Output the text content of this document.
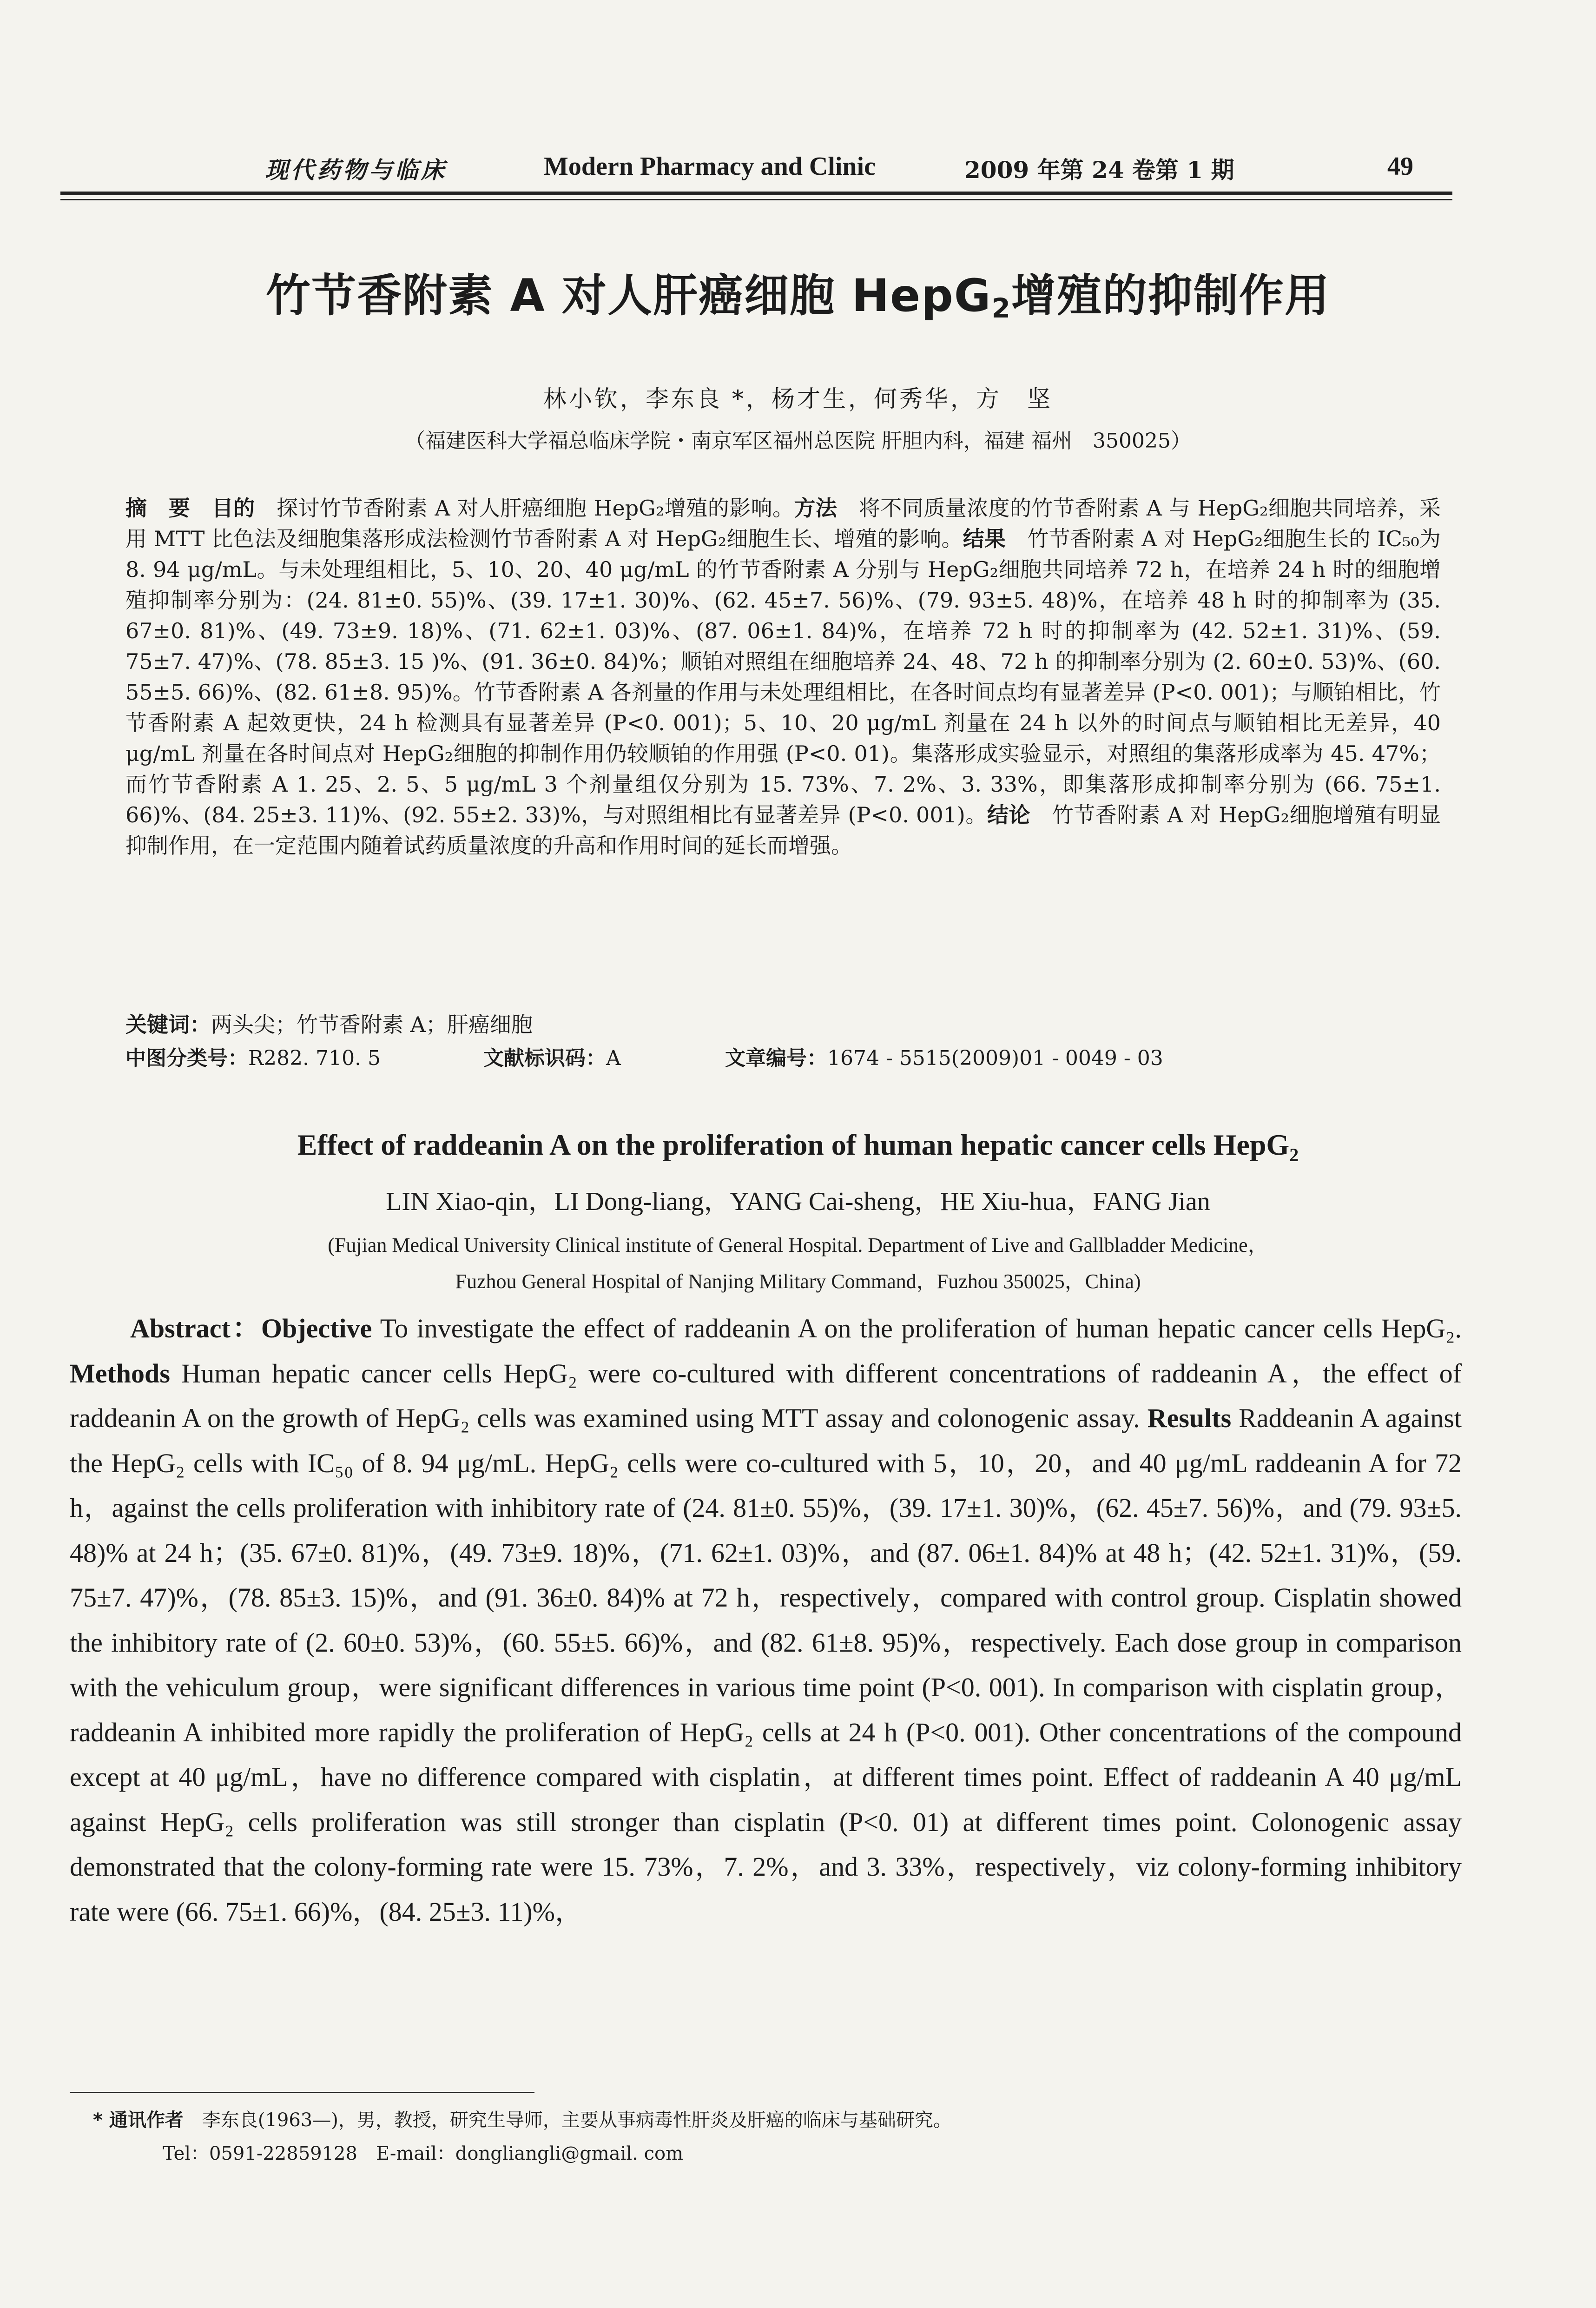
现代药物与临床	Modern Pharmacy and Clinic	2009 年第 24 卷第 1 期	49
竹节香附素 A 对人肝癌细胞 HepG$_2$增殖的抑制作用
林小钦，李东良 *，杨才生，何秀华，方　坚
（福建医科大学福总临床学院・南京军区福州总医院 肝胆内科，福建 福州　350025）
摘　要　 目的　 探讨竹节香附素 A 对人肝癌细胞 HepG₂增殖的影响。方法　 将不同质量浓度的竹节香附素 A 与 HepG₂细胞共同培养，采用 MTT 比色法及细胞集落形成法检测竹节香附素 A 对 HepG₂细胞生长、增殖的影响。结果　 竹节香附素 A 对 HepG₂细胞生长的 IC₅₀为 8. 94 μg/mL。与未处理组相比，5、10、20、40 μg/mL 的竹节香附素 A 分别与 HepG₂细胞共同培养 72 h，在培养 24 h 时的细胞增殖抑制率分别为：(24. 81±0. 55)%、(39. 17±1. 30)%、(62. 45±7. 56)%、(79. 93±5. 48)%，在培养 48 h 时的抑制率为 (35. 67±0. 81)%、(49. 73±9. 18)%、(71. 62±1. 03)%、(87. 06±1. 84)%，在培养 72 h 时的抑制率为 (42. 52±1. 31)%、(59. 75±7. 47)%、(78. 85±3. 15 )%、(91. 36±0. 84)%；顺铂对照组在细胞培养 24、48、72 h 的抑制率分别为 (2. 60±0. 53)%、(60. 55±5. 66)%、(82. 61±8. 95)%。竹节香附素 A 各剂量的作用与未处理组相比，在各时间点均有显著差异 (P<0. 001)；与顺铂相比，竹节香附素 A 起效更快，24 h 检测具有显著差异 (P<0. 001)；5、10、20 μg/mL 剂量在 24 h 以外的时间点与顺铂相比无差异，40 μg/mL 剂量在各时间点对 HepG₂细胞的抑制作用仍较顺铂的作用强 (P<0. 01)。集落形成实验显示，对照组的集落形成率为 45. 47%；而竹节香附素 A 1. 25、2. 5、5 μg/mL 3 个剂量组仅分别为 15. 73%、7. 2%、3. 33%，即集落形成抑制率分别为 (66. 75±1. 66)%、(84. 25±3. 11)%、(92. 55±2. 33)%，与对照组相比有显著差异 (P<0. 001)。结论　 竹节香附素 A 对 HepG₂细胞增殖有明显抑制作用，在一定范围内随着试药质量浓度的升高和作用时间的延长而增强。
关键词：两头尖；竹节香附素 A；肝癌细胞
中图分类号：R282. 710. 5	文献标识码：A	文章编号：1674 - 5515(2009)01 - 0049 - 03
Effect of raddeanin A on the proliferation of human hepatic cancer cells HepG$_2$
LIN Xiao-qin，LI Dong-liang，YANG Cai-sheng，HE Xiu-hua，FANG Jian
(Fujian Medical University Clinical institute of General Hospital. Department of Live and Gallbladder Medicine，
Fuzhou General Hospital of Nanjing Military Command，Fuzhou 350025，China)
Abstract：Objective To investigate the effect of raddeanin A on the proliferation of human hepatic cancer cells HepG₂. Methods Human hepatic cancer cells HepG₂ were co-cultured with different concentrations of raddeanin A，the effect of raddeanin A on the growth of HepG₂ cells was examined using MTT assay and colonogenic assay. Results Raddeanin A against the HepG₂ cells with IC₅₀ of 8. 94 μg/mL. HepG₂ cells were co-cultured with 5，10，20，and 40 μg/mL raddeanin A for 72 h，against the cells proliferation with inhibitory rate of (24. 81±0. 55)%，(39. 17±1. 30)%，(62. 45±7. 56)%，and (79. 93±5. 48)% at 24 h；(35. 67±0. 81)%，(49. 73±9. 18)%，(71. 62±1. 03)%，and (87. 06±1. 84)% at 48 h；(42. 52±1. 31)%，(59. 75±7. 47)%，(78. 85±3. 15)%，and (91. 36±0. 84)% at 72 h，respectively，compared with control group. Cisplatin showed the inhibitory rate of (2. 60±0. 53)%，(60. 55±5. 66)%，and (82. 61±8. 95)%，respectively. Each dose group in comparison with the vehiculum group，were significant differences in various time point (P<0. 001). In comparison with cisplatin group，raddeanin A inhibited more rapidly the proliferation of HepG₂ cells at 24 h (P<0. 001). Other concentrations of the compound except at 40 μg/mL，have no difference compared with cisplatin，at different times point. Effect of raddeanin A 40 μg/mL against HepG₂ cells proliferation was still stronger than cisplatin (P<0. 01) at different times point. Colonogenic assay demonstrated that the colony-forming rate were 15. 73%，7. 2%，and 3. 33%，respectively，viz colony-forming inhibitory rate were (66. 75±1. 66)%，(84. 25±3. 11)%，
* 通讯作者　 李东良(1963—)，男，教授，研究生导师，主要从事病毒性肝炎及肝癌的临床与基础研究。
Tel：0591-22859128　E-mail：dongliangli@gmail. com
